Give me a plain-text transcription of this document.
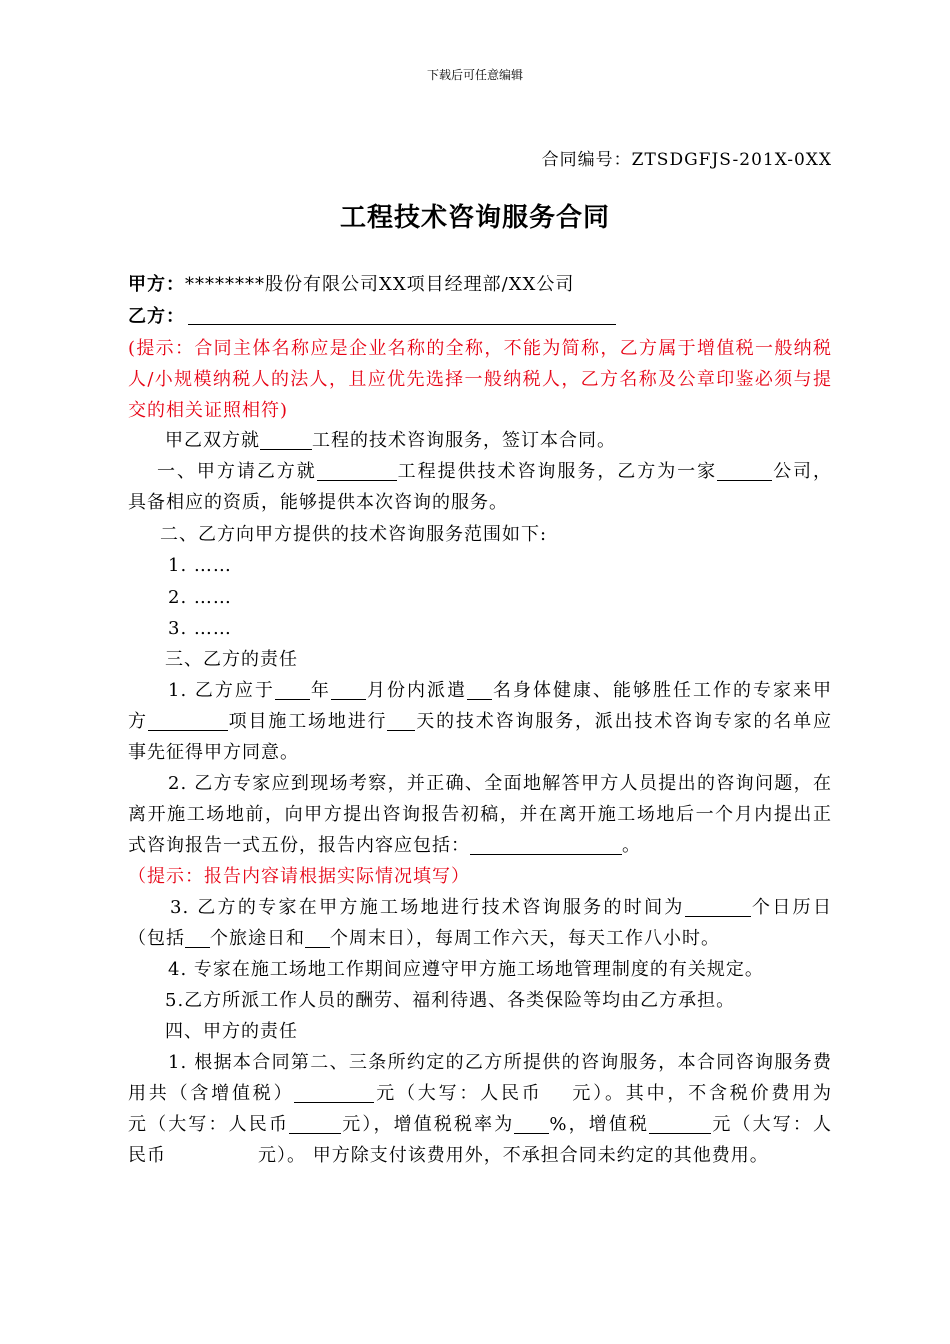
下载后可任意编辑
合同编号：ZTSDGFJS-201X-0XX
工程技术咨询服务合同
甲方：********股份有限公司XX项目经理部/XX公司
乙方：
(提示：合同主体名称应是企业名称的全称，不能为简称，乙方属于增值税一般纳税
人/小规模纳税人的法人，且应优先选择一般纳税人，乙方名称及公章印鉴必须与提
交的相关证照相符)
甲乙双方就	工程的技术咨询服务，签订本合同。
一、甲方请乙方就	工程提供技术咨询服务，乙方为一家	公司，
具备相应的资质，能够提供本次咨询的服务。
二、乙方向甲方提供的技术咨询服务范围如下:
1. ……
2. ……
3. ……
三、乙方的责任
1. 乙方应于 年 月份内派遣 名身体健康、能够胜任工作的专家来甲
方	项目施工场地进行 天的技术咨询服务，派出技术咨询专家的名单应
事先征得甲方同意。
2. 乙方专家应到现场考察，并正确、全面地解答甲方人员提出的咨询问题，在
离开施工场地前，向甲方提出咨询报告初稿，并在离开施工场地后一个月内提出正
式咨询报告一式五份，报告内容应包括：	。
（提示：报告内容请根据实际情况填写）
3. 乙方的专家在甲方施工场地进行技术咨询服务的时间为	个日历日
（包括 个旅途日和 个周末日），每周工作六天，每天工作八小时。
4. 专家在施工场地工作期间应遵守甲方施工场地管理制度的有关规定。
5.乙方所派工作人员的酬劳、福利待遇、各类保险等均由乙方承担。
四、甲方的责任
1. 根据本合同第二、三条所约定的乙方所提供的咨询服务，本合同咨询服务费
用共（含增值税）	元（大写：人民币 元）。其中，不含税价费用为
元（大写：人民币	元），增值税税率为 %，增值税	元（大写：人
民币	元）。 甲方除支付该费用外，不承担合同未约定的其他费用。
